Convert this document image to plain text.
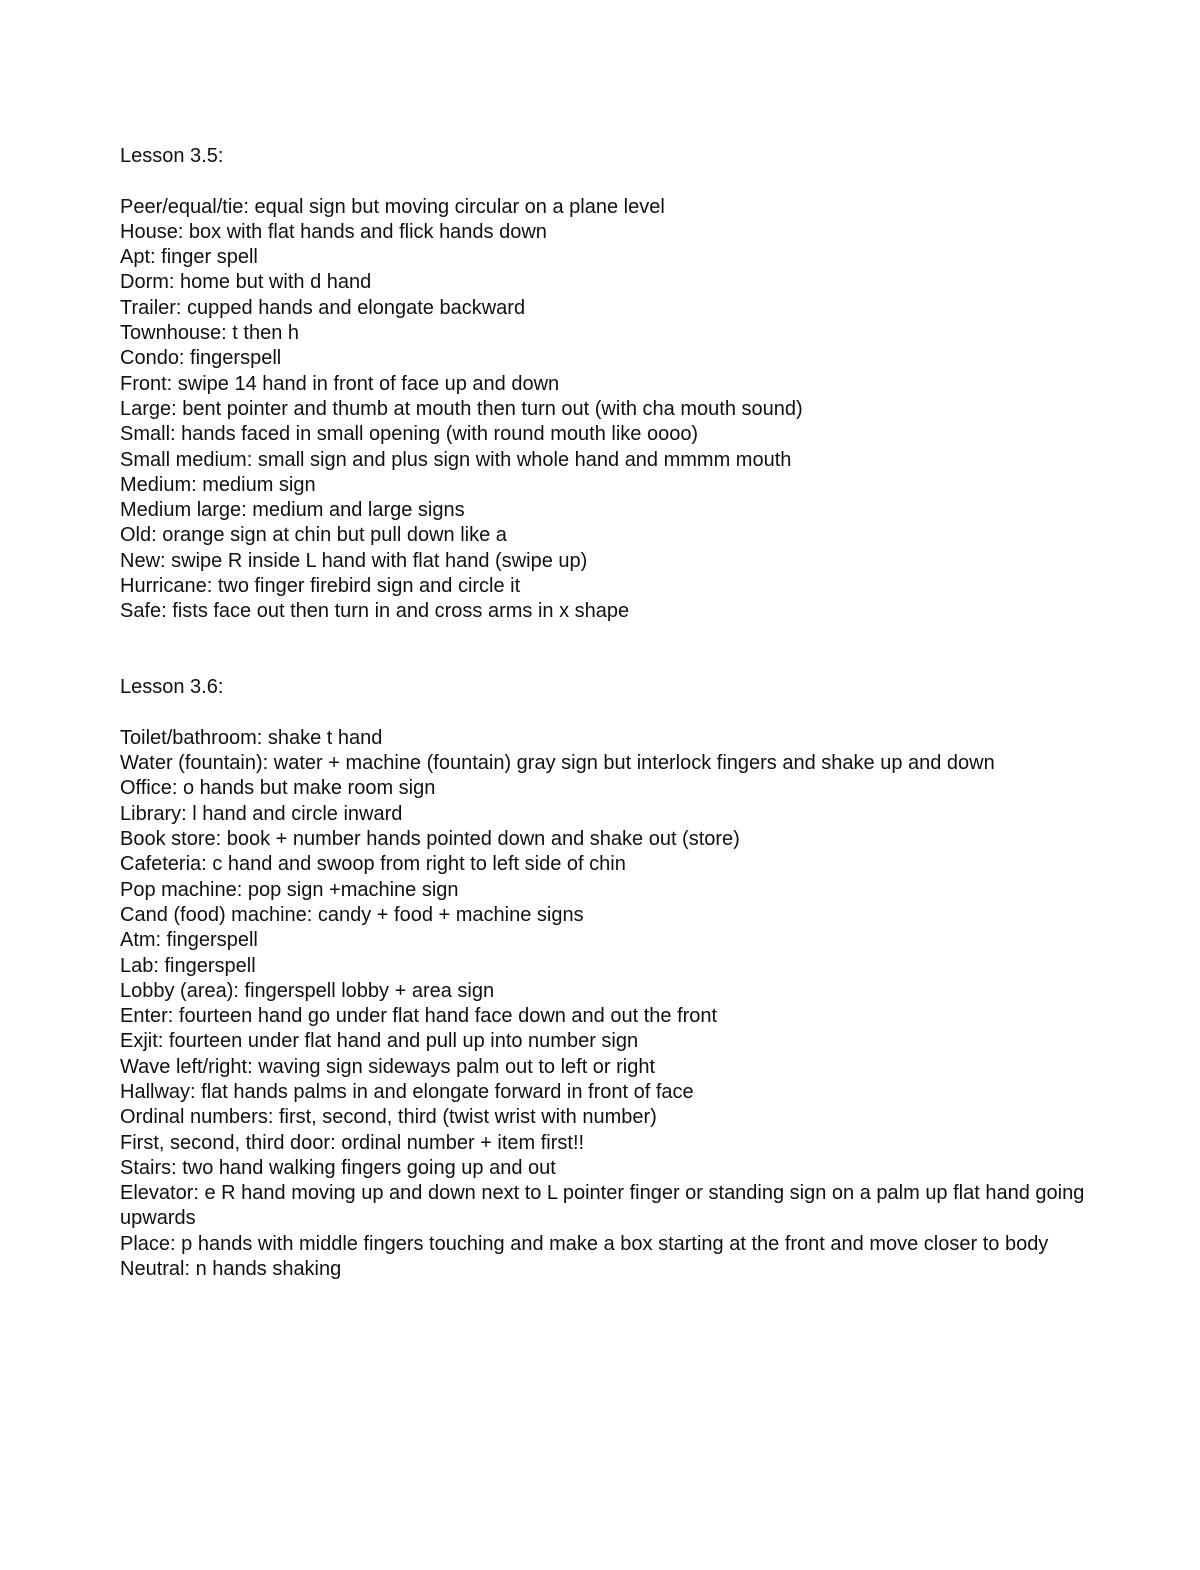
Lesson 3.5:

Peer/equal/tie: equal sign but moving circular on a plane level

House: box with flat hands and flick hands down

Apt: finger spell

Dorm: home but with d hand

Trailer: cupped hands and elongate backward

Townhouse: t then h

Condo: fingerspell

Front: swipe 14 hand in front of face up and down

Large: bent pointer and thumb at mouth then turn out (with cha mouth sound)

Small: hands faced in small opening (with round mouth like oooo)

Small medium: small sign and plus sign with whole hand and mmmm mouth

Medium: medium sign

Medium large: medium and large signs

Old: orange sign at chin but pull down like a

New: swipe R inside L hand with flat hand (swipe up)

Hurricane: two finger firebird sign and circle it

Safe: fists face out then turn in and cross arms in x shape

Lesson 3.6:

Toilet/bathroom: shake t hand

Water (fountain): water + machine (fountain) gray sign but interlock fingers and shake up and down

Office: o hands but make room sign

Library: l hand and circle inward

Book store: book + number hands pointed down and shake out (store)

Cafeteria: c hand and swoop from right to left side of chin

Pop machine: pop sign +machine sign

Cand (food) machine: candy + food + machine signs

Atm: fingerspell

Lab: fingerspell

Lobby (area): fingerspell lobby + area sign

Enter: fourteen hand go under flat hand face down and out the front

Exjit: fourteen under flat hand and pull up into number sign

Wave left/right: waving sign sideways palm out to left or right

Hallway: flat hands palms in and elongate forward in front of face

Ordinal numbers: first, second, third (twist wrist with number)

First, second, third door: ordinal number + item first!!

Stairs: two hand walking fingers going up and out

Elevator: e R hand moving up and down next to L pointer finger or standing sign on a palm up flat hand going upwards

Place: p hands with middle fingers touching and make a box starting at the front and move closer to body

Neutral: n hands shaking
